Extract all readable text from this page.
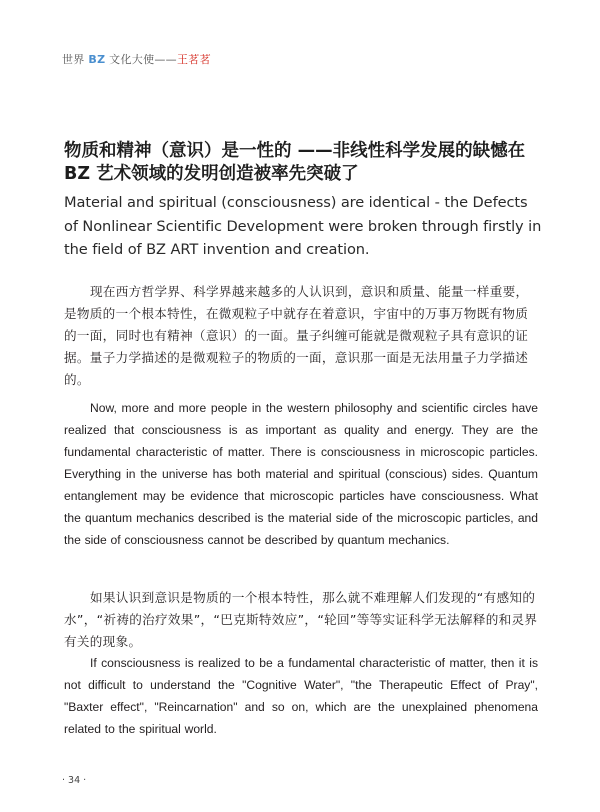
世界 BZ 文化大使——王茗茗
物质和精神（意识）是一性的 ——非线性科学发展的缺憾在 BZ 艺术领域的发明创造被率先突破了
Material and spiritual (consciousness) are identical - the Defects of Nonlinear Scientific Development were broken through firstly in the field of BZ ART invention and creation.

现在西方哲学界、科学界越来越多的人认识到，意识和质量、能量一样重要，是物质的一个根本特性，在微观粒子中就存在着意识，宇宙中的万事万物既有物质的一面，同时也有精神（意识）的一面。量子纠缠可能就是微观粒子具有意识的证据。量子力学描述的是微观粒子的物质的一面，意识那一面是无法用量子力学描述的。

Now, more and more people in the western philosophy and scientific circles have realized that consciousness is as important as quality and energy. They are the fundamental characteristic of matter. There is consciousness in microscopic particles. Everything in the universe has both material and spiritual (conscious) sides. Quantum entanglement may be evidence that microscopic particles have consciousness. What the quantum mechanics described is the material side of the microscopic particles, and the side of consciousness cannot be described by quantum mechanics.

如果认识到意识是物质的一个根本特性，那么就不难理解人们发现的“有感知的水”，“祈祷的治疗效果”，“巴克斯特效应”，“轮回”等等实证科学无法解释的和灵界有关的现象。

If consciousness is realized to be a fundamental characteristic of matter, then it is not difficult to understand the "Cognitive Water", "the Therapeutic Effect of Pray", "Baxter effect", "Reincarnation" and so on, which are the unexplained phenomena related to the spiritual world.

· 34 ·
